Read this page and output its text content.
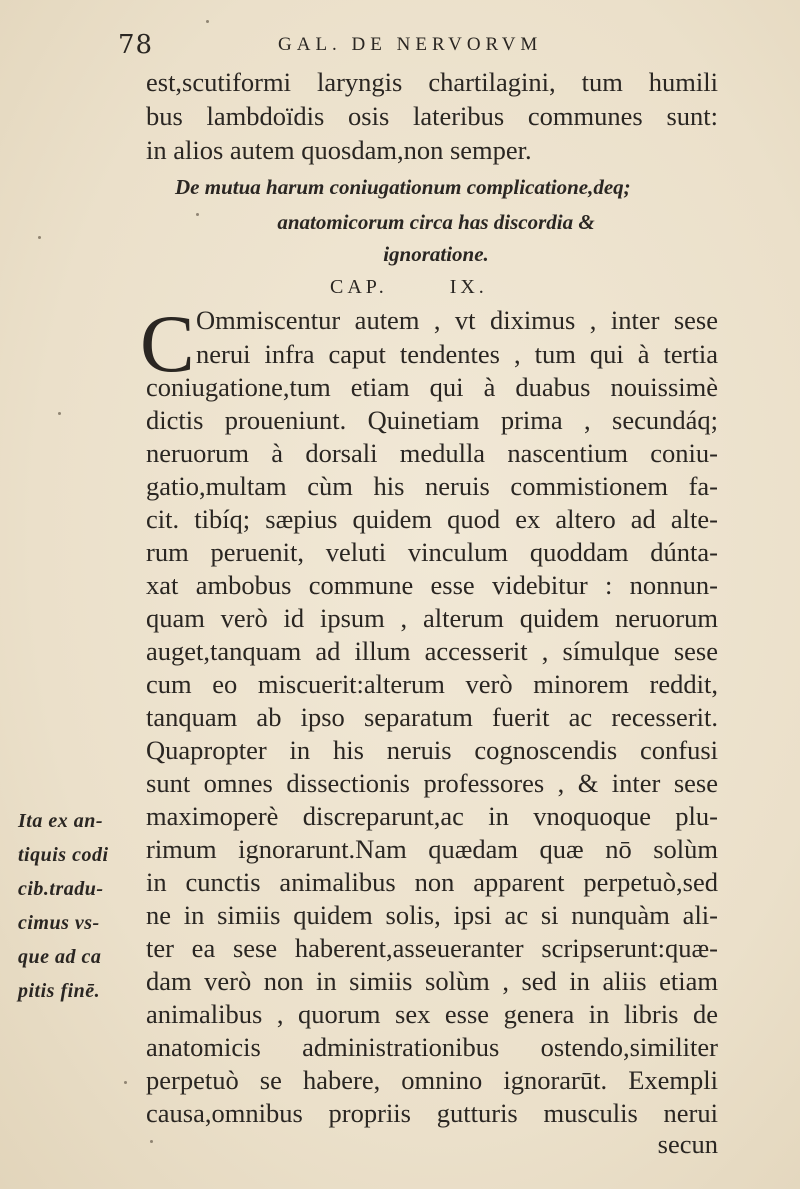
78	GAL. DE NERVORVM
est,scutiformi laryngis chartilagini, tum humili
bus lambdoïdis osis lateribus communes sunt:
in alios autem quosdam,non semper.
De mutua harum coniugationum complicatione,deq;
anatomicorum circa has discordia & ignoratione.
CAP.	IX.
C Ommiscentur autem , vt diximus , inter sese
nerui infra caput tendentes , tum qui à tertia
coniugatione,tum etiam qui à duabus nouissimè
dictis proueniunt. Quinetiam prima , secundáq;
neruorum à dorsali medulla nascentium coniu-
gatio,multam cùm his neruis commistionem fa-
cit. tibíq; sæpius quidem quod ex altero ad alte-
rum peruenit, veluti vinculum quoddam dúnta-
xat ambobus commune esse videbitur : nonnun-
quam verò id ipsum , alterum quidem neruorum
auget,tanquam ad illum accesserit , símulque sese
cum eo miscuerit:alterum verò minorem reddit,
tanquam ab ipso separatum fuerit ac recesserit.
Quapropter in his neruis cognoscendis confusi
sunt omnes dissectionis professores , & inter sese
maximoperè discreparunt,ac in vnoquoque plu-
rimum ignorarunt.Nam quædam quæ nō solùm
in cunctis animalibus non apparent perpetuò,sed
ne in simiis quidem solis, ipsi ac si nunquàm ali-
ter ea sese haberent,asseueranter scripserunt:quæ-
dam verò non in simiis solùm , sed in aliis etiam
animalibus , quorum sex esse genera in libris de
anatomicis administrationibus ostendo,similiter
perpetuò se habere, omnino ignorarūt. Exempli
causa,omnibus propriis gutturis musculis nerui
secun
Ita ex an-
tiquis codi
cib.tradu-
cimus vs-
que ad ca
pitis finē.
